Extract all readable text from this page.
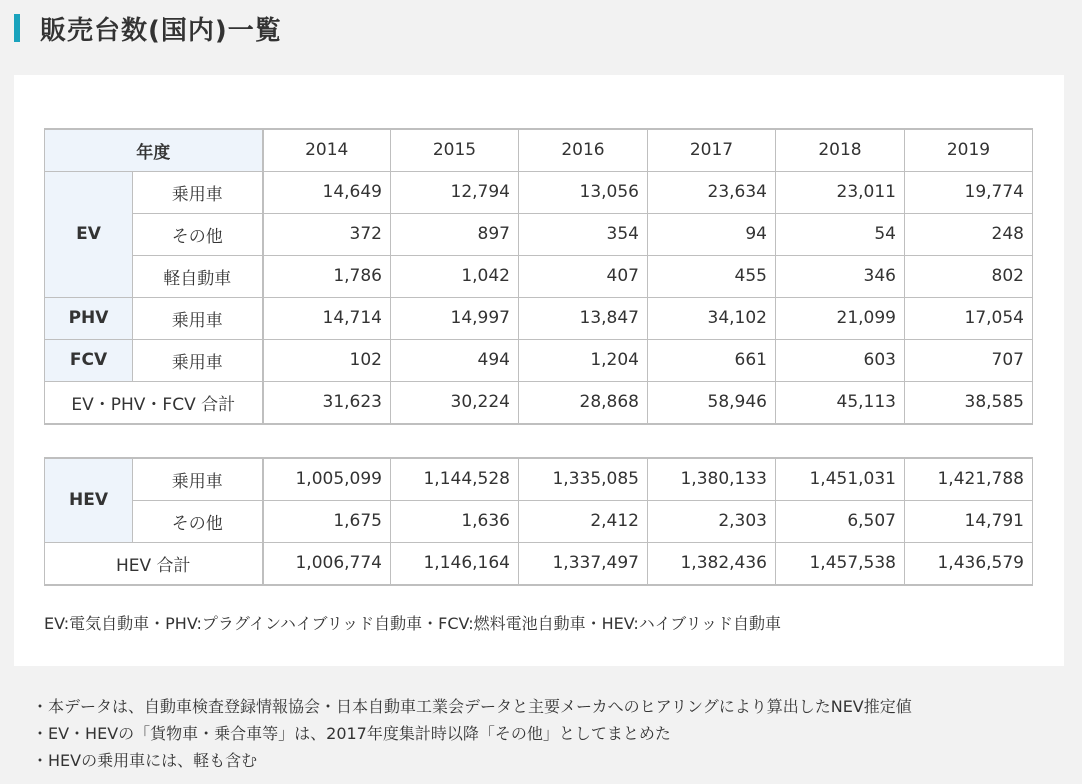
販売台数(国内)一覧
年度		2014	2015	2016	2017	2018	2019
EV	乗用車	14,649	12,794	13,056	23,634	23,011	19,774
	その他	372	897	354	94	54	248
	軽自動車	1,786	1,042	407	455	346	802
PHV	乗用車	14,714	14,997	13,847	34,102	21,099	17,054
FCV	乗用車	102	494	1,204	661	603	707
EV・PHV・FCV 合計		31,623	30,224	28,868	58,946	45,113	38,585
HEV	乗用車	1,005,099	1,144,528	1,335,085	1,380,133	1,451,031	1,421,788
	その他	1,675	1,636	2,412	2,303	6,507	14,791
HEV 合計		1,006,774	1,146,164	1,337,497	1,382,436	1,457,538	1,436,579
EV:電気自動車・PHV:プラグインハイブリッド自動車・FCV:燃料電池自動車・HEV:ハイブリッド自動車
・本データは、自動車検査登録情報協会・日本自動車工業会データと主要メーカへのヒアリングにより算出したNEV推定値
・EV・HEVの「貨物車・乗合車等」は、2017年度集計時以降「その他」としてまとめた
・HEVの乗用車には、軽も含む
